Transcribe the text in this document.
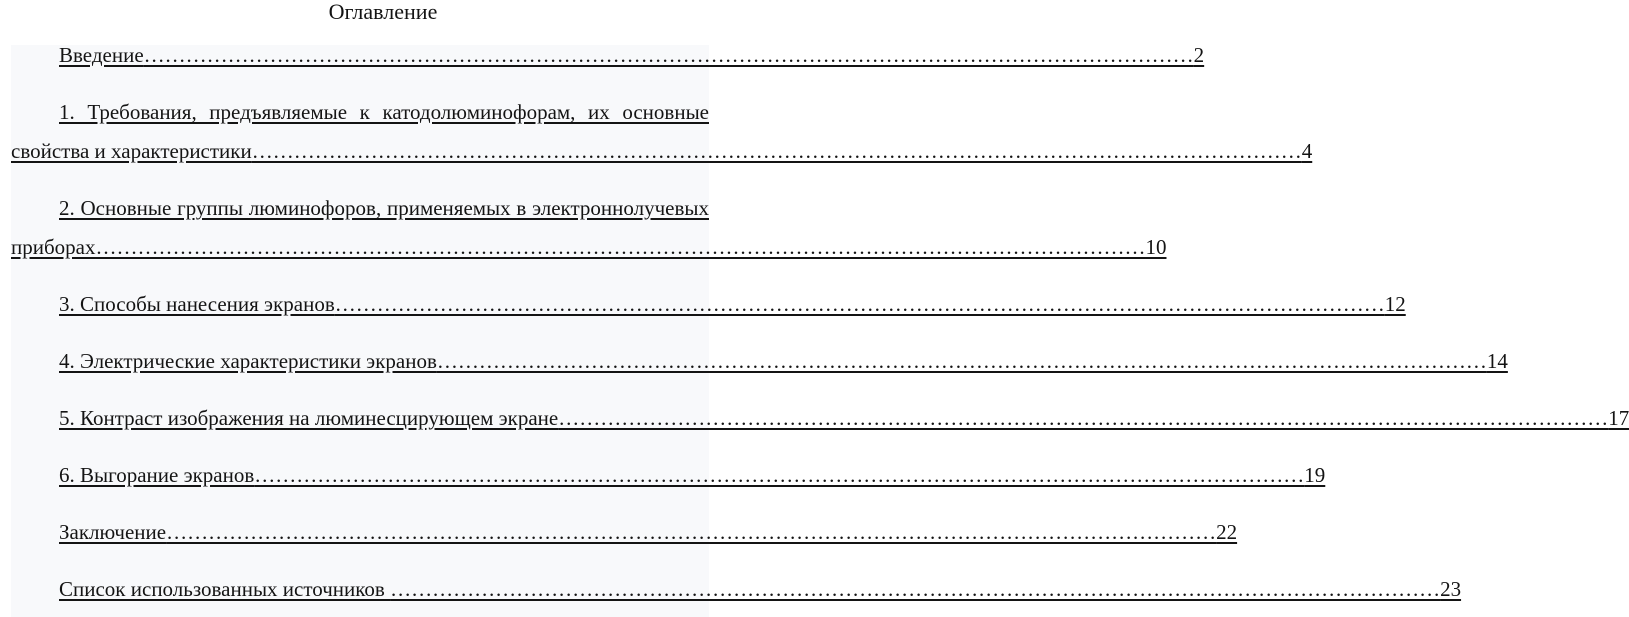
Оглавление
Введение ……………………………………………………………………………………………………………………………………	2
1. Требования, предъявляемые к катодолюминофорам, их основные
свойства и характеристики ……………………………………………………………………………………………………………………………………	4
2. Основные группы люминофоров, применяемых в электроннолучевых
приборах ……………………………………………………………………………………………………………………………………	10
3. Способы нанесения экранов ……………………………………………………………………………………………………………………………………	12
4. Электрические характеристики экранов ……………………………………………………………………………………………………………………………………	14
5. Контраст изображения на люминесцирующем экране ……………………………………………………………………………………………………………………………………	17
6. Выгорание экранов ……………………………………………………………………………………………………………………………………	19
Заключение ……………………………………………………………………………………………………………………………………	22
Список использованных источников ……………………………………………………………………………………………………………………………………	23
